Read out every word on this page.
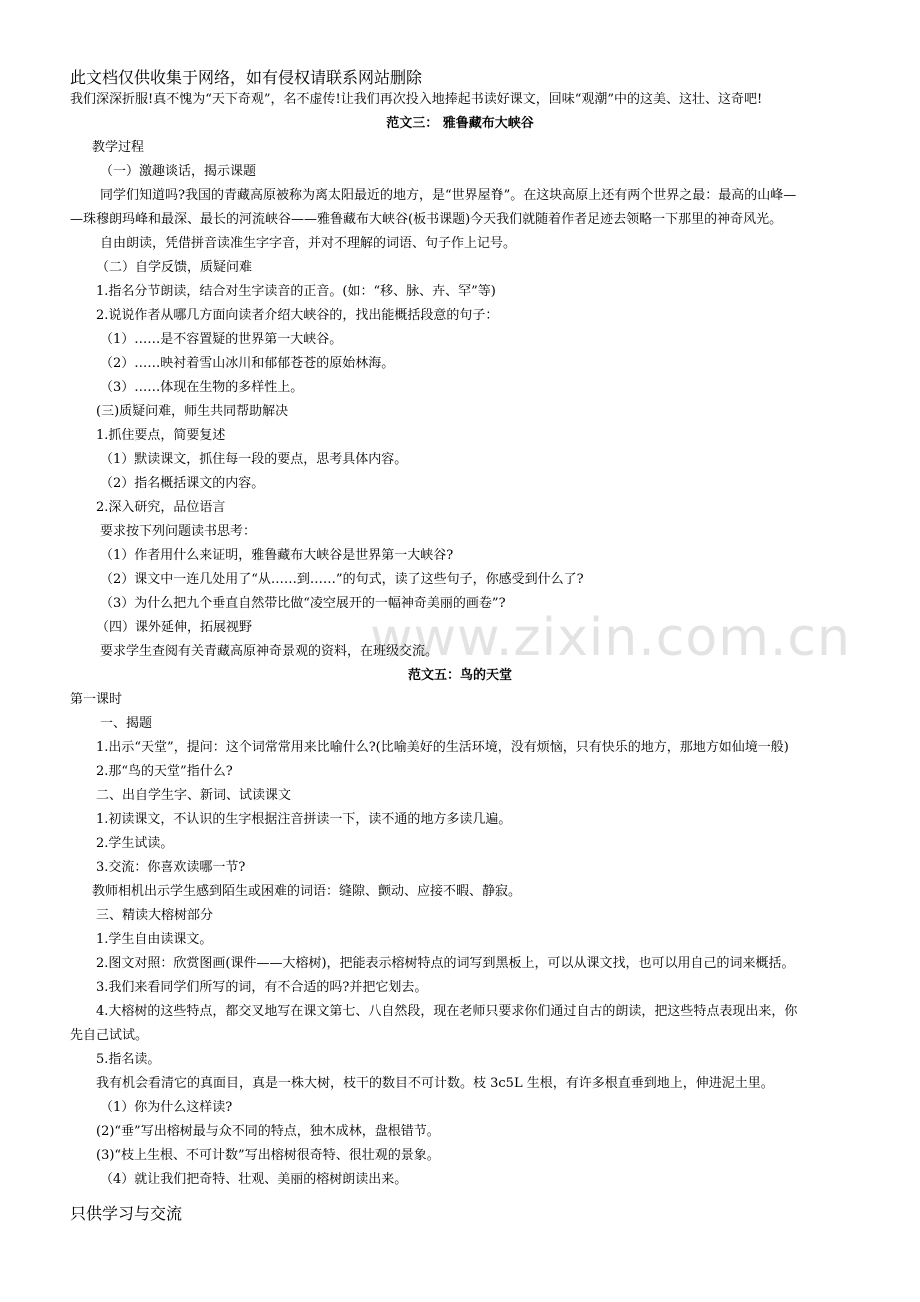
www.zixin.com.cn
此文档仅供收集于网络，如有侵权请联系网站删除
我们深深折服!真不愧为“天下奇观”，名不虚传!让我们再次投入地捧起书读好课文，回味“观潮”中的这美、这壮、这奇吧!
范文三： 雅鲁藏布大峡谷
教学过程
（一）激趣谈话，揭示课题
同学们知道吗?我国的青藏高原被称为离太阳最近的地方，是“世界屋脊”。在这块高原上还有两个世界之最：最高的山峰—
—珠穆朗玛峰和最深、最长的河流峡谷——雅鲁藏布大峡谷(板书课题)今天我们就随着作者足迹去领略一下那里的神奇风光。
自由朗读，凭借拼音读准生字字音，并对不理解的词语、句子作上记号。
（二）自学反馈，质疑问难
1.指名分节朗读，结合对生字读音的正音。(如：“移、脉、卉、罕”等)
2.说说作者从哪几方面向读者介绍大峡谷的，找出能概括段意的句子：
（1）……是不容置疑的世界第一大峡谷。
（2）……映衬着雪山冰川和郁郁苍苍的原始林海。
（3）……体现在生物的多样性上。
(三)质疑问难，师生共同帮助解决
1.抓住要点，简要复述
（1）默读课文，抓住每一段的要点，思考具体内容。
（2）指名概括课文的内容。
2.深入研究，品位语言
要求按下列问题读书思考：
（1）作者用什么来证明，雅鲁藏布大峡谷是世界第一大峡谷?
（2）课文中一连几处用了“从……到……”的句式，读了这些句子，你感受到什么了?
（3）为什么把九个垂直自然带比做“凌空展开的一幅神奇美丽的画卷”?
（四）课外延伸，拓展视野
要求学生查阅有关青藏高原神奇景观的资料，在班级交流。
范文五：鸟的天堂
第一课时
一、揭题
1.出示“天堂”，提问：这个词常常用来比喻什么?(比喻美好的生活环境，没有烦恼，只有快乐的地方，那地方如仙境一般)
2.那“鸟的天堂”指什么?
二、出自学生字、新词、试读课文
1.初读课文，不认识的生字根据注音拼读一下，读不通的地方多读几遍。
2.学生试读。
3.交流：你喜欢读哪一节?
教师相机出示学生感到陌生或困难的词语：缝隙、颤动、应接不暇、静寂。
三、精读大榕树部分
1.学生自由读课文。
2.图文对照：欣赏图画(课件——大榕树)，把能表示榕树特点的词写到黑板上，可以从课文找，也可以用自己的词来概括。
3.我们来看同学们所写的词，有不合适的吗?并把它划去。
4.大榕树的这些特点，都交叉地写在课文第七、八自然段，现在老师只要求你们通过自古的朗读，把这些特点表现出来，你
先自己试试。
5.指名读。
我有机会看清它的真面目，真是一株大树，枝干的数目不可计数。枝 3c5L 生根，有许多根直垂到地上，伸进泥土里。
（1）你为什么这样读?
(2)“垂”写出榕树最与众不同的特点，独木成林，盘根错节。
(3)“枝上生根、不可计数”写出榕树很奇特、很壮观的景象。
（4）就让我们把奇特、壮观、美丽的榕树朗读出来。
只供学习与交流
